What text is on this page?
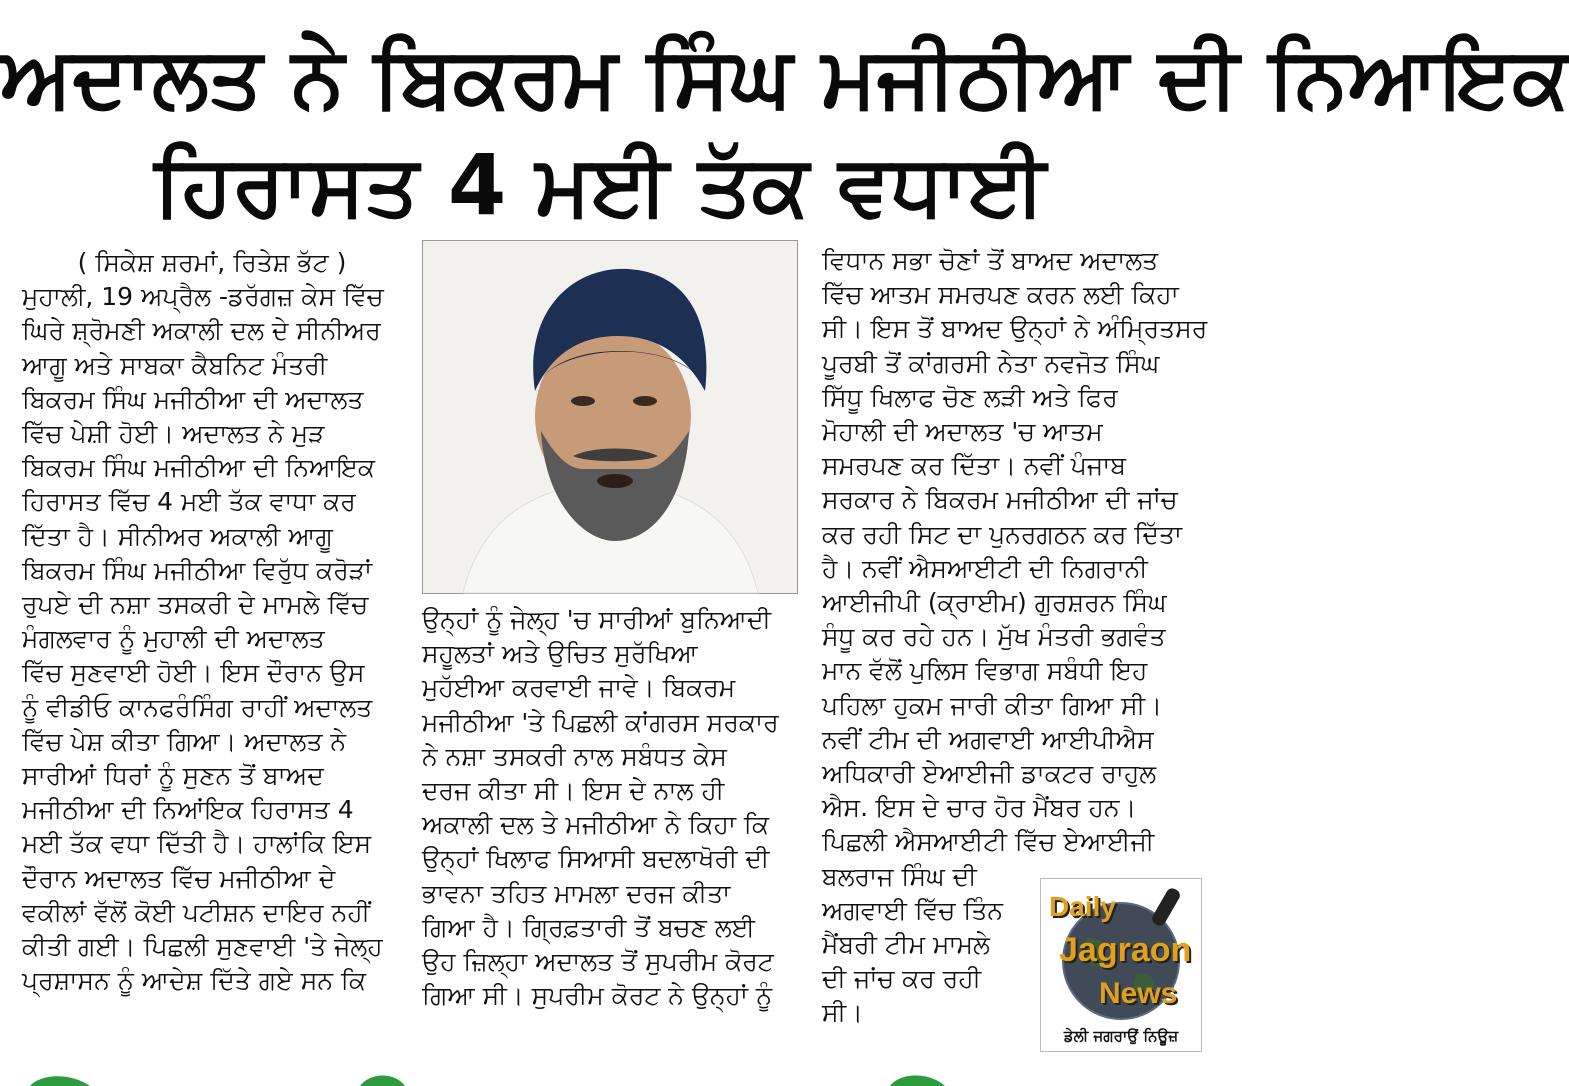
ਅਦਾਲਤ ਨੇ ਬਿਕਰਮ ਸਿੰਘ ਮਜੀਠੀਆ ਦੀ ਨਿਆਇਕ
ਹਿਰਾਸਤ 4 ਮਈ ਤੱਕ ਵਧਾਈ
( ਸਿਕੇਸ਼ ਸ਼ਰਮਾਂ, ਰਿਤੇਸ਼ ਭੱਟ )
ਮੁਹਾਲੀ, 19 ਅਪ੍ਰੈਲ -ਡਰੱਗਜ਼ ਕੇਸ ਵਿੱਚ
ਘਿਰੇ ਸ਼੍ਰੋਮਣੀ ਅਕਾਲੀ ਦਲ ਦੇ ਸੀਨੀਅਰ
ਆਗੂ ਅਤੇ ਸਾਬਕਾ ਕੈਬਨਿਟ ਮੰਤਰੀ
ਬਿਕਰਮ ਸਿੰਘ ਮਜੀਠੀਆ ਦੀ ਅਦਾਲਤ
ਵਿੱਚ ਪੇਸ਼ੀ ਹੋਈ। ਅਦਾਲਤ ਨੇ ਮੁੜ
ਬਿਕਰਮ ਸਿੰਘ ਮਜੀਠੀਆ ਦੀ ਨਿਆਇਕ
ਹਿਰਾਸਤ ਵਿੱਚ 4 ਮਈ ਤੱਕ ਵਾਧਾ ਕਰ
ਦਿੱਤਾ ਹੈ। ਸੀਨੀਅਰ ਅਕਾਲੀ ਆਗੂ
ਬਿਕਰਮ ਸਿੰਘ ਮਜੀਠੀਆ ਵਿਰੁੱਧ ਕਰੋੜਾਂ
ਰੁਪਏ ਦੀ ਨਸ਼ਾ ਤਸਕਰੀ ਦੇ ਮਾਮਲੇ ਵਿੱਚ
ਮੰਗਲਵਾਰ ਨੂੰ ਮੁਹਾਲੀ ਦੀ ਅਦਾਲਤ
ਵਿੱਚ ਸੁਣਵਾਈ ਹੋਈ। ਇਸ ਦੌਰਾਨ ਉਸ
ਨੂੰ ਵੀਡੀਓ ਕਾਨਫਰੰਸਿੰਗ ਰਾਹੀਂ ਅਦਾਲਤ
ਵਿੱਚ ਪੇਸ਼ ਕੀਤਾ ਗਿਆ। ਅਦਾਲਤ ਨੇ
ਸਾਰੀਆਂ ਧਿਰਾਂ ਨੂੰ ਸੁਣਨ ਤੋਂ ਬਾਅਦ
ਮਜੀਠੀਆ ਦੀ ਨਿਆਂਇਕ ਹਿਰਾਸਤ 4
ਮਈ ਤੱਕ ਵਧਾ ਦਿੱਤੀ ਹੈ। ਹਾਲਾਂਕਿ ਇਸ
ਦੌਰਾਨ ਅਦਾਲਤ ਵਿੱਚ ਮਜੀਠੀਆ ਦੇ
ਵਕੀਲਾਂ ਵੱਲੋਂ ਕੋਈ ਪਟੀਸ਼ਨ ਦਾਇਰ ਨਹੀਂ
ਕੀਤੀ ਗਈ। ਪਿਛਲੀ ਸੁਣਵਾਈ 'ਤੇ ਜੇਲ੍ਹ
ਪ੍ਰਸ਼ਾਸਨ ਨੂੰ ਆਦੇਸ਼ ਦਿੱਤੇ ਗਏ ਸਨ ਕਿ
ਉਨ੍ਹਾਂ ਨੂੰ ਜੇਲ੍ਹ 'ਚ ਸਾਰੀਆਂ ਬੁਨਿਆਦੀ
ਸਹੂਲਤਾਂ ਅਤੇ ਉਚਿਤ ਸੁਰੱਖਿਆ
ਮੁਹੱਈਆ ਕਰਵਾਈ ਜਾਵੇ। ਬਿਕਰਮ
ਮਜੀਠੀਆ 'ਤੇ ਪਿਛਲੀ ਕਾਂਗਰਸ ਸਰਕਾਰ
ਨੇ ਨਸ਼ਾ ਤਸਕਰੀ ਨਾਲ ਸਬੰਧਤ ਕੇਸ
ਦਰਜ ਕੀਤਾ ਸੀ। ਇਸ ਦੇ ਨਾਲ ਹੀ
ਅਕਾਲੀ ਦਲ ਤੇ ਮਜੀਠੀਆ ਨੇ ਕਿਹਾ ਕਿ
ਉਨ੍ਹਾਂ ਖਿਲਾਫ ਸਿਆਸੀ ਬਦਲਾਖੋਰੀ ਦੀ
ਭਾਵਨਾ ਤਹਿਤ ਮਾਮਲਾ ਦਰਜ ਕੀਤਾ
ਗਿਆ ਹੈ। ਗ੍ਰਿਫ਼ਤਾਰੀ ਤੋਂ ਬਚਣ ਲਈ
ਉਹ ਜ਼ਿਲ੍ਹਾ ਅਦਾਲਤ ਤੋਂ ਸੁਪਰੀਮ ਕੋਰਟ
ਗਿਆ ਸੀ। ਸੁਪਰੀਮ ਕੋਰਟ ਨੇ ਉਨ੍ਹਾਂ ਨੂੰ
ਵਿਧਾਨ ਸਭਾ ਚੋਣਾਂ ਤੋਂ ਬਾਅਦ ਅਦਾਲਤ
ਵਿੱਚ ਆਤਮ ਸਮਰਪਣ ਕਰਨ ਲਈ ਕਿਹਾ
ਸੀ। ਇਸ ਤੋਂ ਬਾਅਦ ਉਨ੍ਹਾਂ ਨੇ ਅੰਮ੍ਰਿਤਸਰ
ਪੂਰਬੀ ਤੋਂ ਕਾਂਗਰਸੀ ਨੇਤਾ ਨਵਜੋਤ ਸਿੰਘ
ਸਿੱਧੂ ਖਿਲਾਫ ਚੋਣ ਲੜੀ ਅਤੇ ਫਿਰ
ਮੋਹਾਲੀ ਦੀ ਅਦਾਲਤ 'ਚ ਆਤਮ
ਸਮਰਪਣ ਕਰ ਦਿੱਤਾ। ਨਵੀਂ ਪੰਜਾਬ
ਸਰਕਾਰ ਨੇ ਬਿਕਰਮ ਮਜੀਠੀਆ ਦੀ ਜਾਂਚ
ਕਰ ਰਹੀ ਸਿਟ ਦਾ ਪੁਨਰਗਠਨ ਕਰ ਦਿੱਤਾ
ਹੈ। ਨਵੀਂ ਐਸਆਈਟੀ ਦੀ ਨਿਗਰਾਨੀ
ਆਈਜੀਪੀ (ਕ੍ਰਾਈਮ) ਗੁਰਸ਼ਰਨ ਸਿੰਘ
ਸੰਧੂ ਕਰ ਰਹੇ ਹਨ। ਮੁੱਖ ਮੰਤਰੀ ਭਗਵੰਤ
ਮਾਨ ਵੱਲੋਂ ਪੁਲਿਸ ਵਿਭਾਗ ਸਬੰਧੀ ਇਹ
ਪਹਿਲਾ ਹੁਕਮ ਜਾਰੀ ਕੀਤਾ ਗਿਆ ਸੀ।
ਨਵੀਂ ਟੀਮ ਦੀ ਅਗਵਾਈ ਆਈਪੀਐਸ
ਅਧਿਕਾਰੀ ਏਆਈਜੀ ਡਾਕਟਰ ਰਾਹੁਲ
ਐਸ. ਇਸ ਦੇ ਚਾਰ ਹੋਰ ਮੈਂਬਰ ਹਨ।
ਪਿਛਲੀ ਐਸਆਈਟੀ ਵਿੱਚ ਏਆਈਜੀ
ਬਲਰਾਜ ਸਿੰਘ ਦੀ
ਅਗਵਾਈ ਵਿੱਚ ਤਿੰਨ
ਮੈਂਬਰੀ ਟੀਮ ਮਾਮਲੇ
ਦੀ ਜਾਂਚ ਕਰ ਰਹੀ
ਸੀ।
Daily
Jagraon
News
ਡੇਲੀ ਜਗਰਾਉਂ ਨਿਊਜ਼
